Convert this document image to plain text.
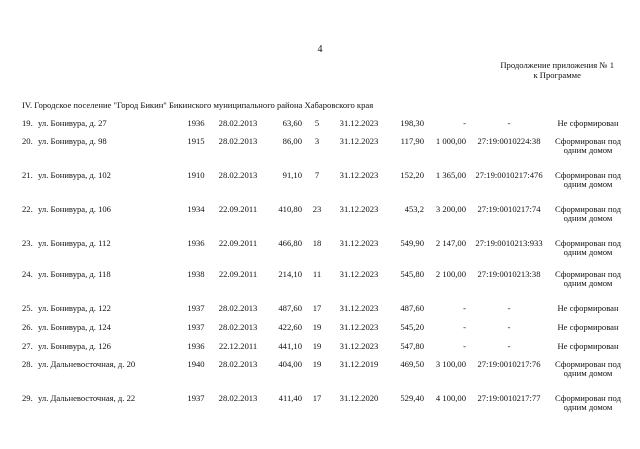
4
Продолжение приложения № 1
к Программе
IV. Городское поселение "Город Бикин" Бикинского муниципального района Хабаровского края
19. ул. Бонивура, д. 27	1936	28.02.2013	63,60	5	31.12.2023	198,30	-	-	Не сформирован
20. ул. Бонивура, д. 98	1915	28.02.2013	86,00	3	31.12.2023	117,90	1 000,00	27:19:0010224:38	Сформирован под одним домом
21. ул. Бонивура, д. 102	1910	28.02.2013	91,10	7	31.12.2023	152,20	1 365,00	27:19:0010217:476	Сформирован под одним домом
22. ул. Бонивура, д. 106	1934	22.09.2011	410,80	23	31.12.2023	453,2	3 200,00	27:19:0010217:74	Сформирован под одним домом
23. ул. Бонивура, д. 112	1936	22.09.2011	466,80	18	31.12.2023	549,90	2 147,00	27:19:0010213:933	Сформирован под одним домом
24. ул. Бонивура, д. 118	1938	22.09.2011	214,10	11	31.12.2023	545,80	2 100,00	27:19:0010213:38	Сформирован под одним домом
25. ул. Бонивура, д. 122	1937	28.02.2013	487,60	17	31.12.2023	487,60	-	-	Не сформирован
26. ул. Бонивура, д. 124	1937	28.02.2013	422,60	19	31.12.2023	545,20	-	-	Не сформирован
27. ул. Бонивура, д. 126	1936	22.12.2011	441,10	19	31.12.2023	547,80	-	-	Не сформирован
28. ул. Дальневосточная, д. 20	1940	28.02.2013	404,00	19	31.12.2019	469,50	3 100,00	27:19:0010217:76	Сформирован под одним домом
29. ул. Дальневосточная, д. 22	1937	28.02.2013	411,40	17	31.12.2020	529,40	4 100,00	27:19:0010217:77	Сформирован под одним домом
